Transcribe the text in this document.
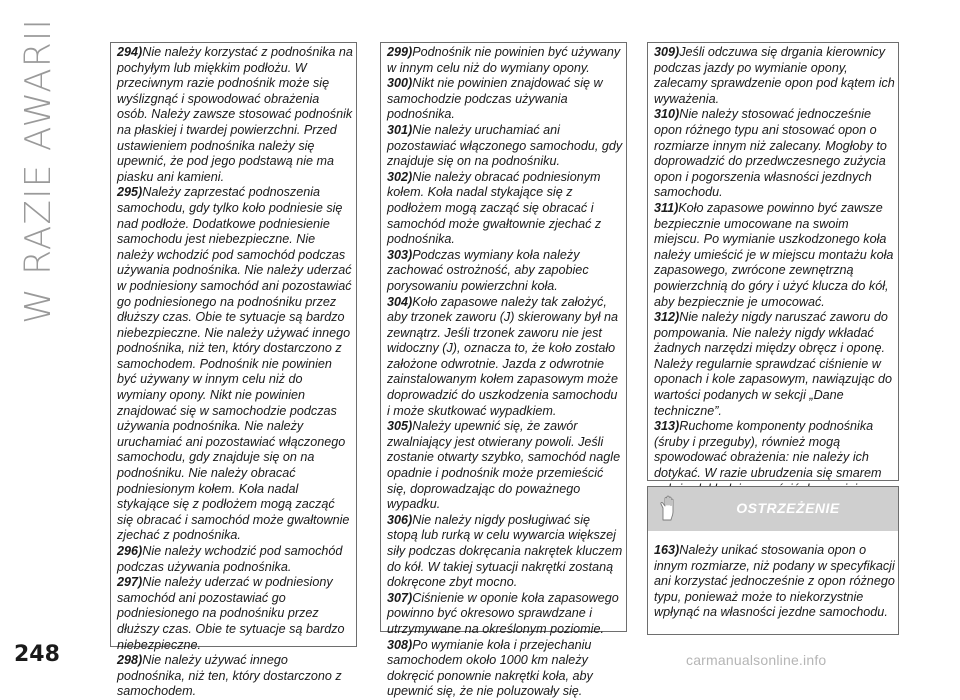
W RAZIE AWARII	294)Nie należy korzystać z podnośnika na pochyłym lub miękkim podłożu. W przeciwnym razie podnośnik może się wyślizgnąć i spowodować obrażenia osób. Należy zawsze stosować podnośnik na płaskiej i twardej powierzchni. Przed ustawieniem podnośnika należy się upewnić, że pod jego podstawą nie ma piasku ani kamieni.

295)Należy zaprzestać podnoszenia samochodu, gdy tylko koło podniesie się nad podłoże. Dodatkowe podniesienie samochodu jest niebezpieczne. Nie należy wchodzić pod samochód podczas używania podnośnika. Nie należy uderzać w podniesiony samochód ani pozostawiać go podniesionego na podnośniku przez dłuższy czas. Obie te sytuacje są bardzo niebezpieczne. Nie należy używać innego podnośnika, niż ten, który dostarczono z samochodem. Podnośnik nie powinien być używany w innym celu niż do wymiany opony. Nikt nie powinien znajdować się w samochodzie podczas używania podnośnika. Nie należy uruchamiać ani pozostawiać włączonego samochodu, gdy znajduje się on na podnośniku. Nie należy obracać podniesionym kołem. Koła nadal stykające się z podłożem mogą zacząć się obracać i samochód może gwałtownie zjechać z podnośnika.

296)Nie należy wchodzić pod samochód podczas używania podnośnika.

297)Nie należy uderzać w podniesiony samochód ani pozostawiać go podniesionego na podnośniku przez dłuższy czas. Obie te sytuacje są bardzo niebezpieczne.

298)Nie należy używać innego podnośnika, niż ten, który dostarczono z samochodem.

299)Podnośnik nie powinien być używany w innym celu niż do wymiany opony.

300)Nikt nie powinien znajdować się w samochodzie podczas używania podnośnika.

301)Nie należy uruchamiać ani pozostawiać włączonego samochodu, gdy znajduje się on na podnośniku.

302)Nie należy obracać podniesionym kołem. Koła nadal stykające się z podłożem mogą zacząć się obracać i samochód może gwałtownie zjechać z podnośnika.

303)Podczas wymiany koła należy zachować ostrożność, aby zapobiec porysowaniu powierzchni koła.

304)Koło zapasowe należy tak założyć, aby trzonek zaworu (J) skierowany był na zewnątrz. Jeśli trzonek zaworu nie jest widoczny (J), oznacza to, że koło zostało założone odwrotnie. Jazda z odwrotnie zainstalowanym kołem zapasowym może doprowadzić do uszkodzenia samochodu i może skutkować wypadkiem.

305)Należy upewnić się, że zawór zwalniający jest otwierany powoli. Jeśli zostanie otwarty szybko, samochód nagle opadnie i podnośnik może przemieścić się, doprowadzając do poważnego wypadku.

306)Nie należy nigdy posługiwać się stopą lub rurką w celu wywarcia większej siły podczas dokręcania nakrętek kluczem do kół. W takiej sytuacji nakrętki zostaną dokręcone zbyt mocno.

307)Ciśnienie w oponie koła zapasowego powinno być okresowo sprawdzane i utrzymywane na określonym poziomie.

308)Po wymianie koła i przejechaniu samochodem około 1000 km należy dokręcić ponownie nakrętki koła, aby upewnić się, że nie poluzowały się.

309)Jeśli odczuwa się drgania kierownicy podczas jazdy po wymianie opony, zalecamy sprawdzenie opon pod kątem ich wyważenia.

310)Nie należy stosować jednocześnie opon różnego typu ani stosować opon o rozmiarze innym niż zalecany. Mogłoby to doprowadzić do przedwczesnego zużycia opon i pogorszenia własności jezdnych samochodu.

311)Koło zapasowe powinno być zawsze bezpiecznie umocowane na swoim miejscu. Po wymianie uszkodzonego koła należy umieścić je w miejscu montażu koła zapasowego, zwrócone zewnętrzną powierzchnią do góry i użyć klucza do kół, aby bezpiecznie je umocować.

312)Nie należy nigdy naruszać zaworu do pompowania. Nie należy nigdy wkładać żadnych narzędzi między obręcz i oponę. Należy regularnie sprawdzać ciśnienie w oponach i kole zapasowym, nawiązując do wartości podanych w sekcji „Dane techniczne”.

313)Ruchome komponenty podnośnika (śruby i przeguby), również mogą spowodować obrażenia: nie należy ich dotykać. W razie ubrudzenia się smarem

OSTRZEŻENIE

163)Należy unikać stosowania opon o innym rozmiarze, niż podany w specyfikacji ani korzystać jednocześnie z opon różnego typu, ponieważ może to niekorzystnie wpłynąć na własności jezdne samochodu.

248	carmanualsonline.info
